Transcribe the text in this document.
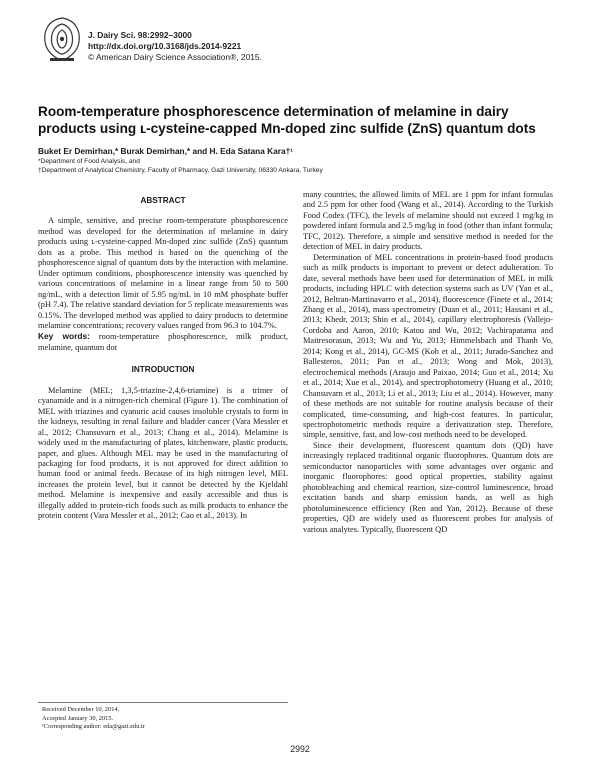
J. Dairy Sci. 98:2992–3000
http://dx.doi.org/10.3168/jds.2014-9221
© American Dairy Science Association®, 2015.
Room-temperature phosphorescence determination of melamine in dairy products using ʟ-cysteine-capped Mn-doped zinc sulfide (ZnS) quantum dots
Buket Er Demirhan,* Burak Demirhan,* and H. Eda Satana Kara†¹
*Department of Food Analysis, and
†Department of Analytical Chemistry, Faculty of Pharmacy, Gazi University, 06330 Ankara, Turkey
ABSTRACT

A simple, sensitive, and precise room-temperature phosphorescence method was developed for the determination of melamine in dairy products using ʟ-cysteine-capped Mn-doped zinc sulfide (ZnS) quantum dots as a probe. This method is based on the quenching of the phosphorescence signal of quantum dots by the interaction with melamine. Under optimum conditions, phosphorescence intensity was quenched by various concentrations of melamine in a linear range from 50 to 500 ng/mL, with a detection limit of 5.95 ng/mL in 10 mM phosphate buffer (pH 7.4). The relative standard deviation for 5 replicate measurements was 0.15%. The developed method was applied to dairy products to determine melamine concentrations; recovery values ranged from 96.3 to 104.7%.

Key words: room-temperature phosphorescence, milk product, melamine, quantum dot

INTRODUCTION

Melamine (MEL; 1,3,5-triazine-2,4,6-triamine) is a trimer of cyanamide and is a nitrogen-rich chemical (Figure 1). The combination of MEL with triazines and cyanuric acid causes insoluble crystals to form in the kidneys, resulting in renal failure and bladder cancer (Vara Messler et al., 2012; Chansuvarn et al., 2013; Chang et al., 2014). Melamine is widely used in the manufacturing of plates, kitchenware, plastic products, paper, and glues. Although MEL may be used in the manufacturing of packaging for food products, it is not approved for direct addition to human food or animal feeds. Because of its high nitrogen level, MEL increases the protein level, but it cannot be detected by the Kjeldahl method. Melamine is inexpensive and easily accessible and thus is illegally added to protein-rich foods such as milk products to enhance the protein content (Vara Messler et al., 2012; Cao et al., 2013). In

many countries, the allowed limits of MEL are 1 ppm for infant formulas and 2.5 ppm for other food (Wang et al., 2014). According to the Turkish Food Codex (TFC), the levels of melamine should not exceed 1 mg/kg in powdered infant formula and 2.5 mg/kg in food (other than infant formula; TFC, 2012). Therefore, a simple and sensitive method is needed for the detection of MEL in dairy products.

Determination of MEL concentrations in protein-based food products such as milk products is important to prevent or detect adulteration. To date, several methods have been used for determination of MEL in milk products, including HPLC with detection systems such as UV (Yan et al., 2012, Beltran-Martinavarro et al., 2014), fluorescence (Finete et al., 2014; Zhang et al., 2014), mass spectrometry (Duan et al., 2011; Hassani et al., 2013; Khedr, 2013; Shin et al., 2014), capillary electrophoresis (Vallejo-Cordoba and Aaron, 2010; Katou and Wu, 2012; Vachirapatama and Maitresorasun, 2013; Wu and Yu, 2013; Himmelsbach and Thanh Vo, 2014; Kong et al., 2014), GC-MS (Koh et al., 2011; Jurado-Sanchez and Ballesteros, 2011; Pan et al., 2013; Wong and Mok, 2013), electrochemical methods (Araujo and Paixao, 2014; Guo et al., 2014; Xu et al., 2014; Xue et al., 2014), and spectrophotometry (Huang et al., 2010; Chansuvarn et al., 2013; Li et al., 2013; Liu et al., 2014). However, many of these methods are not suitable for routine analysis because of their complicated, time-consuming, and high-cost features. In particular, spectrophotometric methods require a derivatization step. Therefore, simple, sensitive, fast, and low-cost methods need to be developed.

Since their development, fluorescent quantum dots (QD) have increasingly replaced traditional organic fluorophores. Quantum dots are semiconductor nanoparticles with some advantages over organic and inorganic fluorophores: good optical properties, stability against photobleaching and chemical reaction, size-control luminescence, broad excitation bands and sharp emission bands, as well as high photoluminescence efficiency (Ren and Yan, 2012). Because of these properties, QD are widely used as fluorescent probes for analysis of various analytes. Typically, fluorescent QD

Received December 10, 2014.
Accepted January 30, 2015.
¹Corresponding author: eda@gazi.edu.tr
2992
